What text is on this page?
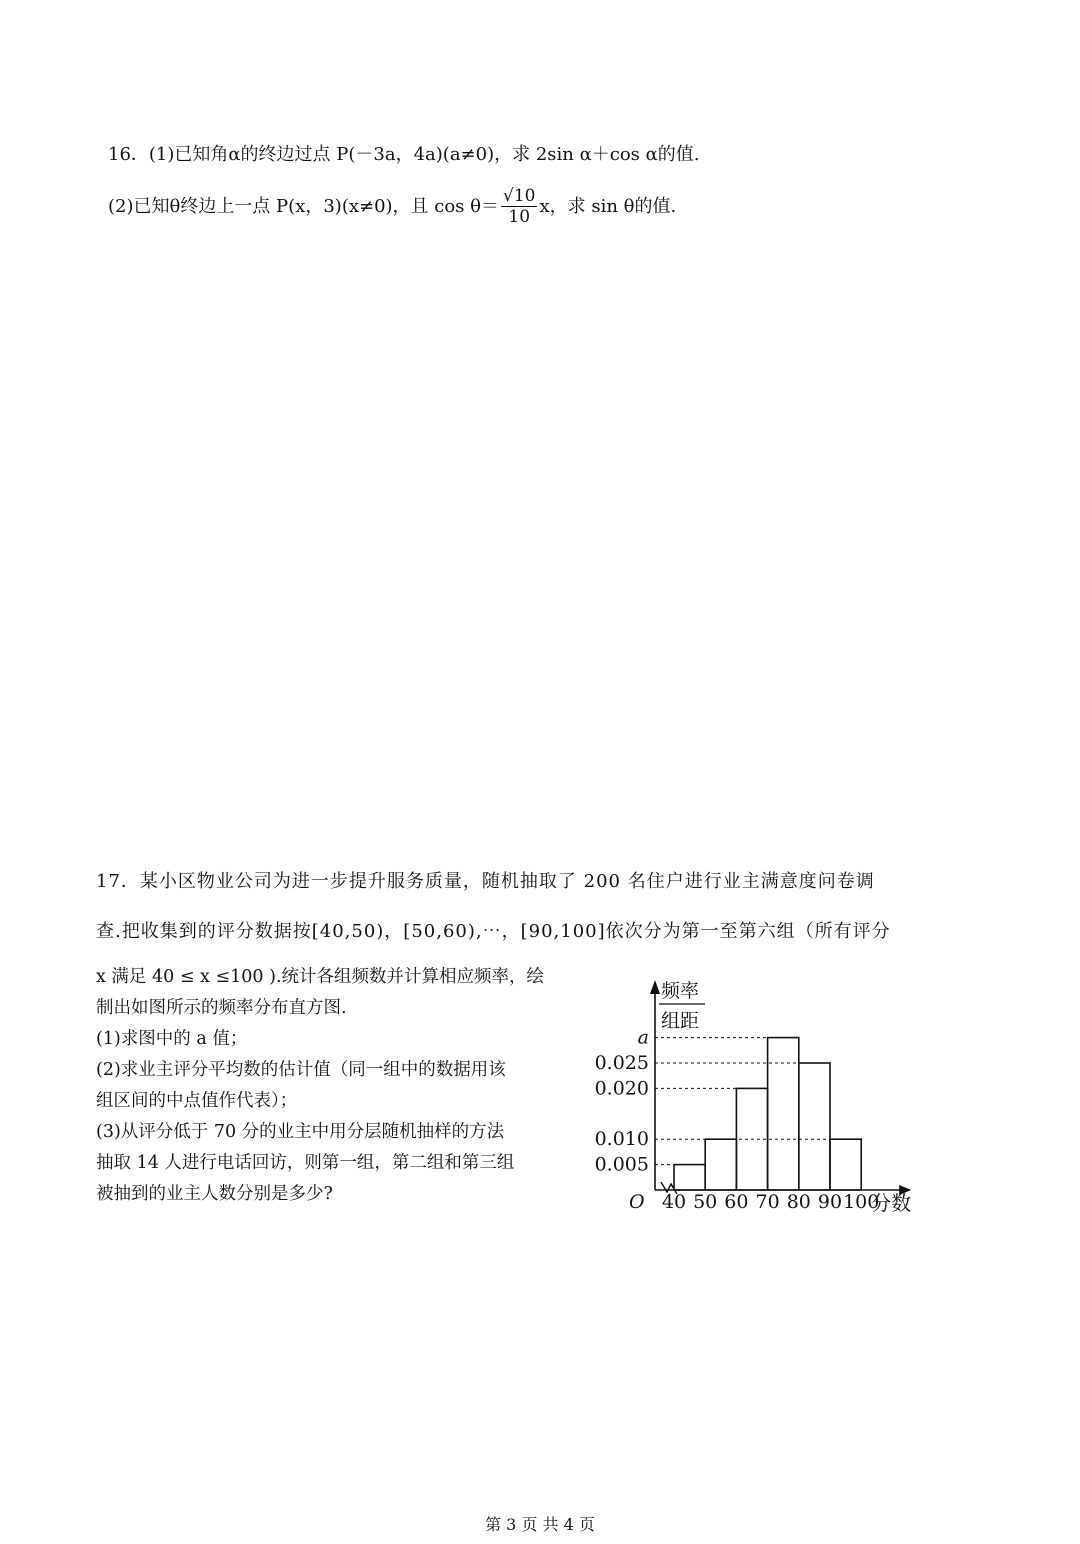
16．(1)已知角α的终边过点 P(－3a，4a)(a≠0)，求 2sin α＋cos α的值.
(2)已知θ终边上一点 P(x，3)(x≠0)，且 $\cos \theta= \frac{√10}{10}$ x，求 sin θ的值.
17．某小区物业公司为进一步提升服务质量，随机抽取了 200 名住户进行业主满意度问卷调
查.把收集到的评分数据按[40,50)，[50,60),⋯，[90,100]依次分为第一至第六组（所有评分
x 满足 40 ≤ x ≤100 ).统计各组频数并计算相应频率，绘
制出如图所示的频率分布直方图.
(1)求图中的 a 值；
(2)求业主评分平均数的估计值（同一组中的数据用该
组区间的中点值作代表）；
(3)从评分低于 70 分的业主中用分层随机抽样的方法
抽取 14 人进行电话回访，则第一组，第二组和第三组
被抽到的业主人数分别是多少?
频率
组距
O
0.005
0.010
0.020
0.025
a
40 50 60 70 80 90 100
分数
第 3 页 共 4 页
